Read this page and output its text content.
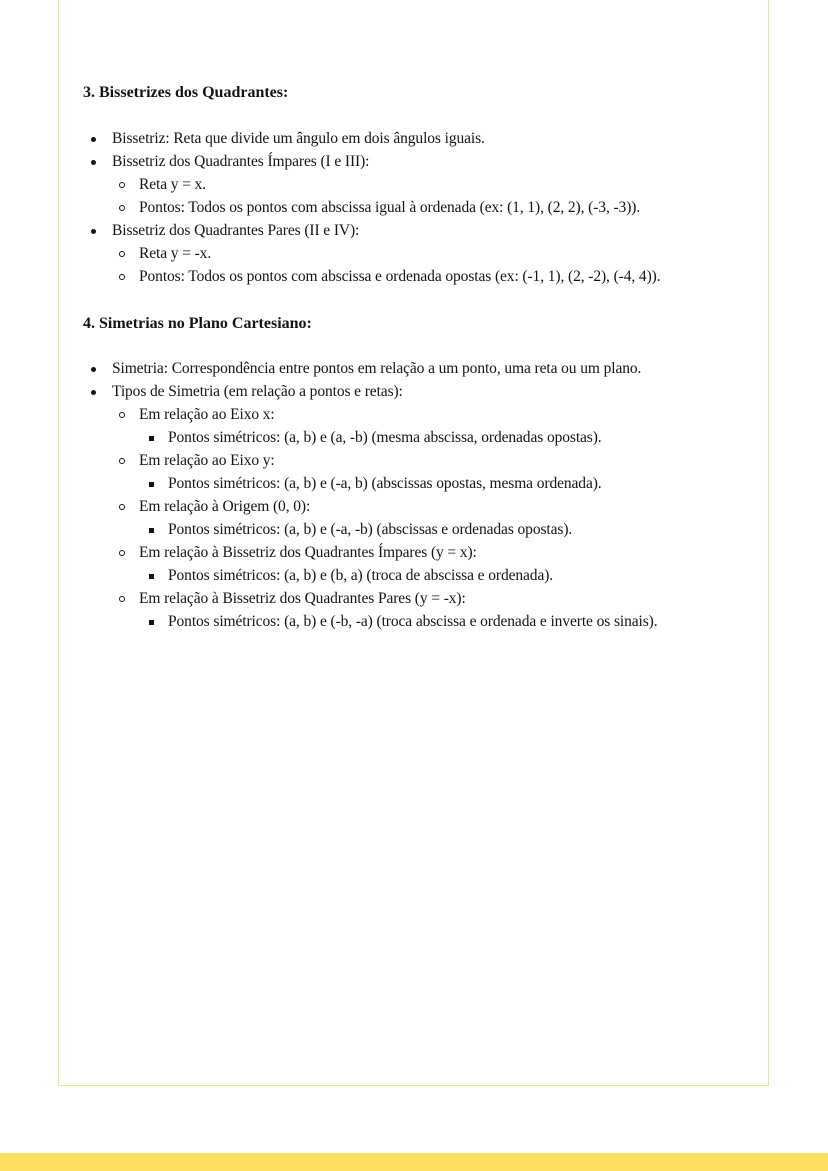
3. Bissetrizes dos Quadrantes:
Bissetriz: Reta que divide um ângulo em dois ângulos iguais.
Bissetriz dos Quadrantes Ímpares (I e III):
Reta y = x.
Pontos: Todos os pontos com abscissa igual à ordenada (ex: (1, 1), (2, 2), (-3, -3)).
Bissetriz dos Quadrantes Pares (II e IV):
Reta y = -x.
Pontos: Todos os pontos com abscissa e ordenada opostas (ex: (-1, 1), (2, -2), (-4, 4)).
4. Simetrias no Plano Cartesiano:
Simetria: Correspondência entre pontos em relação a um ponto, uma reta ou um plano.
Tipos de Simetria (em relação a pontos e retas):
Em relação ao Eixo x:
Pontos simétricos: (a, b) e (a, -b) (mesma abscissa, ordenadas opostas).
Em relação ao Eixo y:
Pontos simétricos: (a, b) e (-a, b) (abscissas opostas, mesma ordenada).
Em relação à Origem (0, 0):
Pontos simétricos: (a, b) e (-a, -b) (abscissas e ordenadas opostas).
Em relação à Bissetriz dos Quadrantes Ímpares (y = x):
Pontos simétricos: (a, b) e (b, a) (troca de abscissa e ordenada).
Em relação à Bissetriz dos Quadrantes Pares (y = -x):
Pontos simétricos: (a, b) e (-b, -a) (troca abscissa e ordenada e inverte os sinais).
